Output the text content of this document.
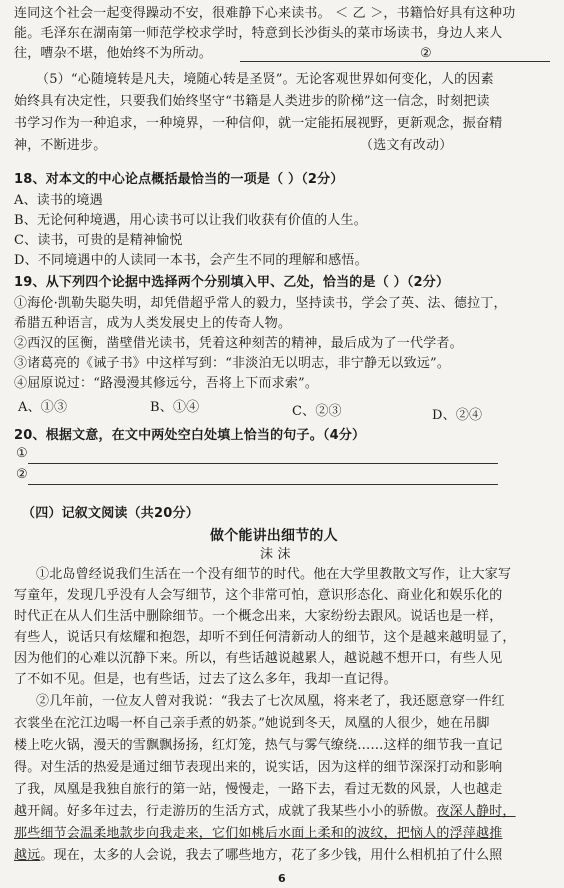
连同这个社会一起变得躁动不安，很难静下心来读书。 ＜ 乙 ＞，书籍恰好具有这种功
能。毛泽东在湖南第一师范学校求学时，特意到长沙街头的菜市场读书，身边人来人
往，嘈杂不堪，他始终不为所动。	②
（5）“心随境转是凡夫，境随心转是圣贤”。无论客观世界如何变化，人的因素
始终具有决定性，只要我们始终坚守“书籍是人类进步的阶梯”这一信念，时刻把读
书学习作为一种追求，一种境界，一种信仰，就一定能拓展视野，更新观念，振奋精
神，不断进步。	（选文有改动）
18、对本文的中心论点概括最恰当的一项是（ ）（2分）
A、读书的境遇
B、无论何种境遇，用心读书可以让我们收获有价值的人生。
C、读书，可贵的是精神愉悦
D、不同境遇中的人读同一本书，会产生不同的理解和感悟。
19、从下列四个论据中选择两个分别填入甲、乙处，恰当的是（ ）（2分）
①海伦·凯勒失聪失明，却凭借超乎常人的毅力，坚持读书，学会了英、法、德拉丁，
希腊五种语言，成为人类发展史上的传奇人物。
②西汉的匡衡，凿壁借光读书，凭着这种刻苦的精神，最后成为了一代学者。
③诸葛亮的《诫子书》中这样写到：“非淡泊无以明志，非宁静无以致远”。
④屈原说过：“路漫漫其修远兮，吾将上下而求索”。
A、①③	B、①④	C、②③	D、②④
20、根据文意，在文中两处空白处填上恰当的句子。（4分）
①
②
（四）记叙文阅读（共20分）
做个能讲出细节的人
沫 沫
①北岛曾经说我们生活在一个没有细节的时代。他在大学里教散文写作，让大家写
写童年，发现几乎没有人会写细节，这个非常可怕，意识形态化、商业化和娱乐化的
时代正在从人们生活中删除细节。一个概念出来，大家纷纷去跟风。说话也是一样，
有些人，说话只有炫耀和抱怨，却听不到任何清新动人的细节，这个是越来越明显了，
因为他们的心难以沉静下来。所以，有些话越说越累人，越说越不想开口，有些人见
了不如不见。但是，也有些话，过去了这么多年，我却一直记得。
②几年前，一位友人曾对我说：“我去了七次凤凰，将来老了，我还愿意穿一件红
衣裳坐在沱江边喝一杯自己亲手煮的奶茶。”她说到冬天，凤凰的人很少，她在吊脚
楼上吃火锅，漫天的雪飘飘扬扬，红灯笼，热气与雾气缭绕……这样的细节我一直记
得。对生活的热爱是通过细节表现出来的，说实话，因为这样的细节深深打动和影响
了我，凤凰是我独自旅行的第一站，慢慢走，一路下去，看过无数的风景，人也越走
越开阔。好多年过去，行走游历的生活方式，成就了我某些小小的骄傲。夜深人静时，
那些细节会温柔地款步向我走来，它们如桃后水面上柔和的波纹，把恼人的浮萍越推
越远。现在，太多的人会说，我去了哪些地方，花了多少钱，用什么相机拍了什么照
6
